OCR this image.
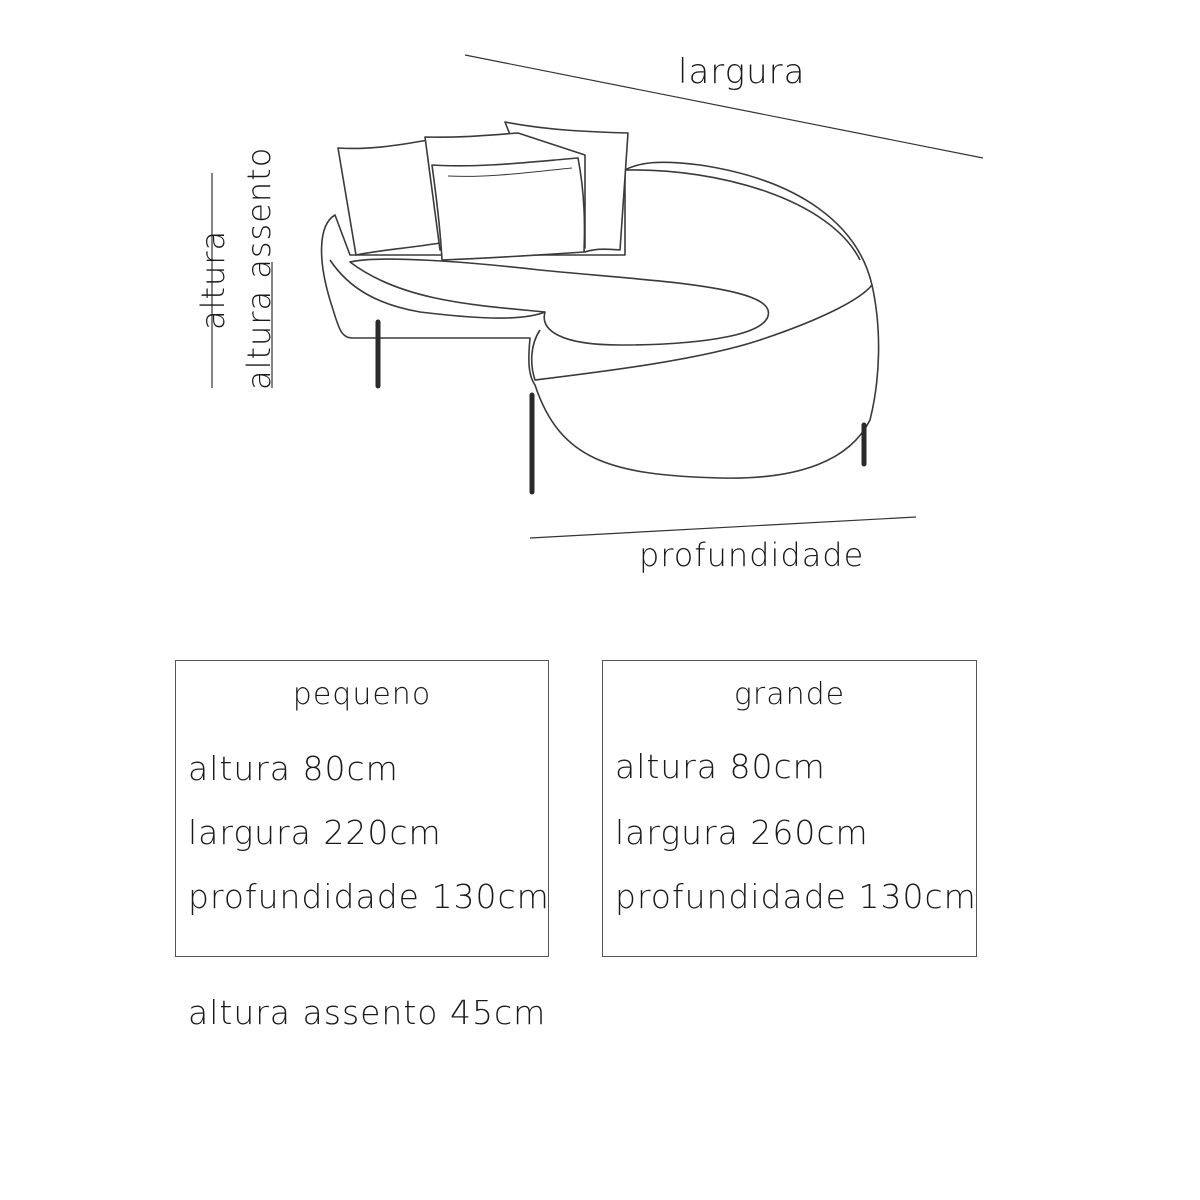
largura
profundidade
altura altura assento
pequeno
altura 80cm
largura 220cm
profundidade 130cm
grande
altura 80cm
largura 260cm
profundidade 130cm
altura assento 45cm
